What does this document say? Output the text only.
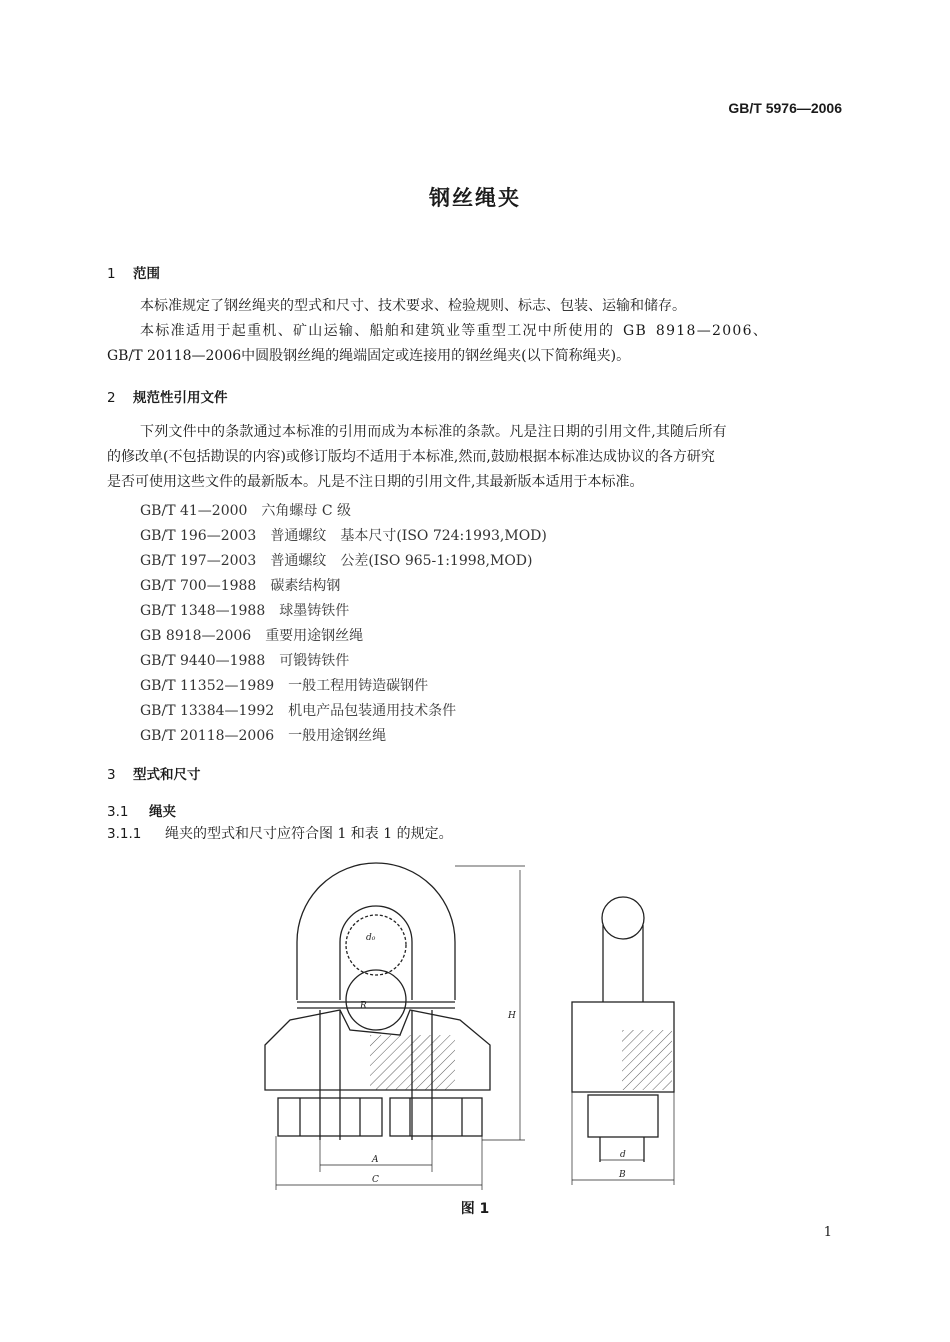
GB/T 5976—2006
钢丝绳夹
1 范围
本标准规定了钢丝绳夹的型式和尺寸、技术要求、检验规则、标志、包装、运输和储存。
本标准适用于起重机、矿山运输、船舶和建筑业等重型工况中所使用的 GB 8918—2006、
GB/T 20118—2006中圆股钢丝绳的绳端固定或连接用的钢丝绳夹(以下简称绳夹)。
2 规范性引用文件
下列文件中的条款通过本标准的引用而成为本标准的条款。凡是注日期的引用文件,其随后所有
的修改单(不包括勘误的内容)或修订版均不适用于本标准,然而,鼓励根据本标准达成协议的各方研究
是否可使用这些文件的最新版本。凡是不注日期的引用文件,其最新版本适用于本标准。
GB/T 41—2000 六角螺母 C 级
GB/T 196—2003 普通螺纹　基本尺寸(ISO 724:1993,MOD)
GB/T 197—2003 普通螺纹　公差(ISO 965-1:1998,MOD)
GB/T 700—1988 碳素结构钢
GB/T 1348—1988 球墨铸铁件
GB 8918—2006 重要用途钢丝绳
GB/T 9440—1988 可锻铸铁件
GB/T 11352—1989 一般工程用铸造碳钢件
GB/T 13384—1992 机电产品包装通用技术条件
GB/T 20118—2006 一般用途钢丝绳
3 型式和尺寸
3.1 绳夹
3.1.1 绳夹的型式和尺寸应符合图 1 和表 1 的规定。
d₀
R
H
A
C
d
B
图 1
1
